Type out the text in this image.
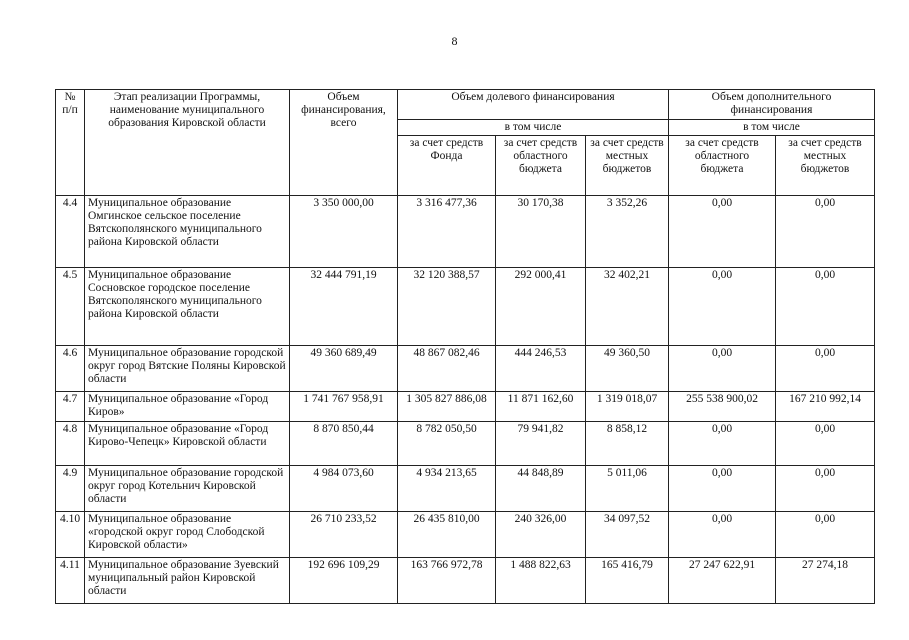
8
№ п/п	Этап реализации Программы, наименование муниципального образования Кировской области	Объем финансирования, всего	Объем долевого финансирования			Объем дополнительного финансирования	
			в том числе			в том числе	
			за счет средств Фонда	за счет средств областного бюджета	за счет средств местных бюджетов	за счет средств областного бюджета	за счет средств местных бюджетов
4.4	Муниципальное образование Омгинское сельское поселение Вятскополянского муниципального района Кировской области	3 350 000,00	3 316 477,36	30 170,38	3 352,26	0,00	0,00
4.5	Муниципальное образование Сосновское городское поселение Вятскополянского муниципального района Кировской области	32 444 791,19	32 120 388,57	292 000,41	32 402,21	0,00	0,00
4.6	Муниципальное образование городской округ город Вятские Поляны Кировской области	49 360 689,49	48 867 082,46	444 246,53	49 360,50	0,00	0,00
4.7	Муниципальное образование «Город Киров»	1 741 767 958,91	1 305 827 886,08	11 871 162,60	1 319 018,07	255 538 900,02	167 210 992,14
4.8	Муниципальное образование «Город Кирово-Чепецк» Кировской области	8 870 850,44	8 782 050,50	79 941,82	8 858,12	0,00	0,00
4.9	Муниципальное образование городской округ город Котельнич Кировской области	4 984 073,60	4 934 213,65	44 848,89	5 011,06	0,00	0,00
4.10	Муниципальное образование «городской округ город Слободской Кировской области»	26 710 233,52	26 435 810,00	240 326,00	34 097,52	0,00	0,00
4.11	Муниципальное образование Зуевский муниципальный район Кировской области	192 696 109,29	163 766 972,78	1 488 822,63	165 416,79	27 247 622,91	27 274,18
